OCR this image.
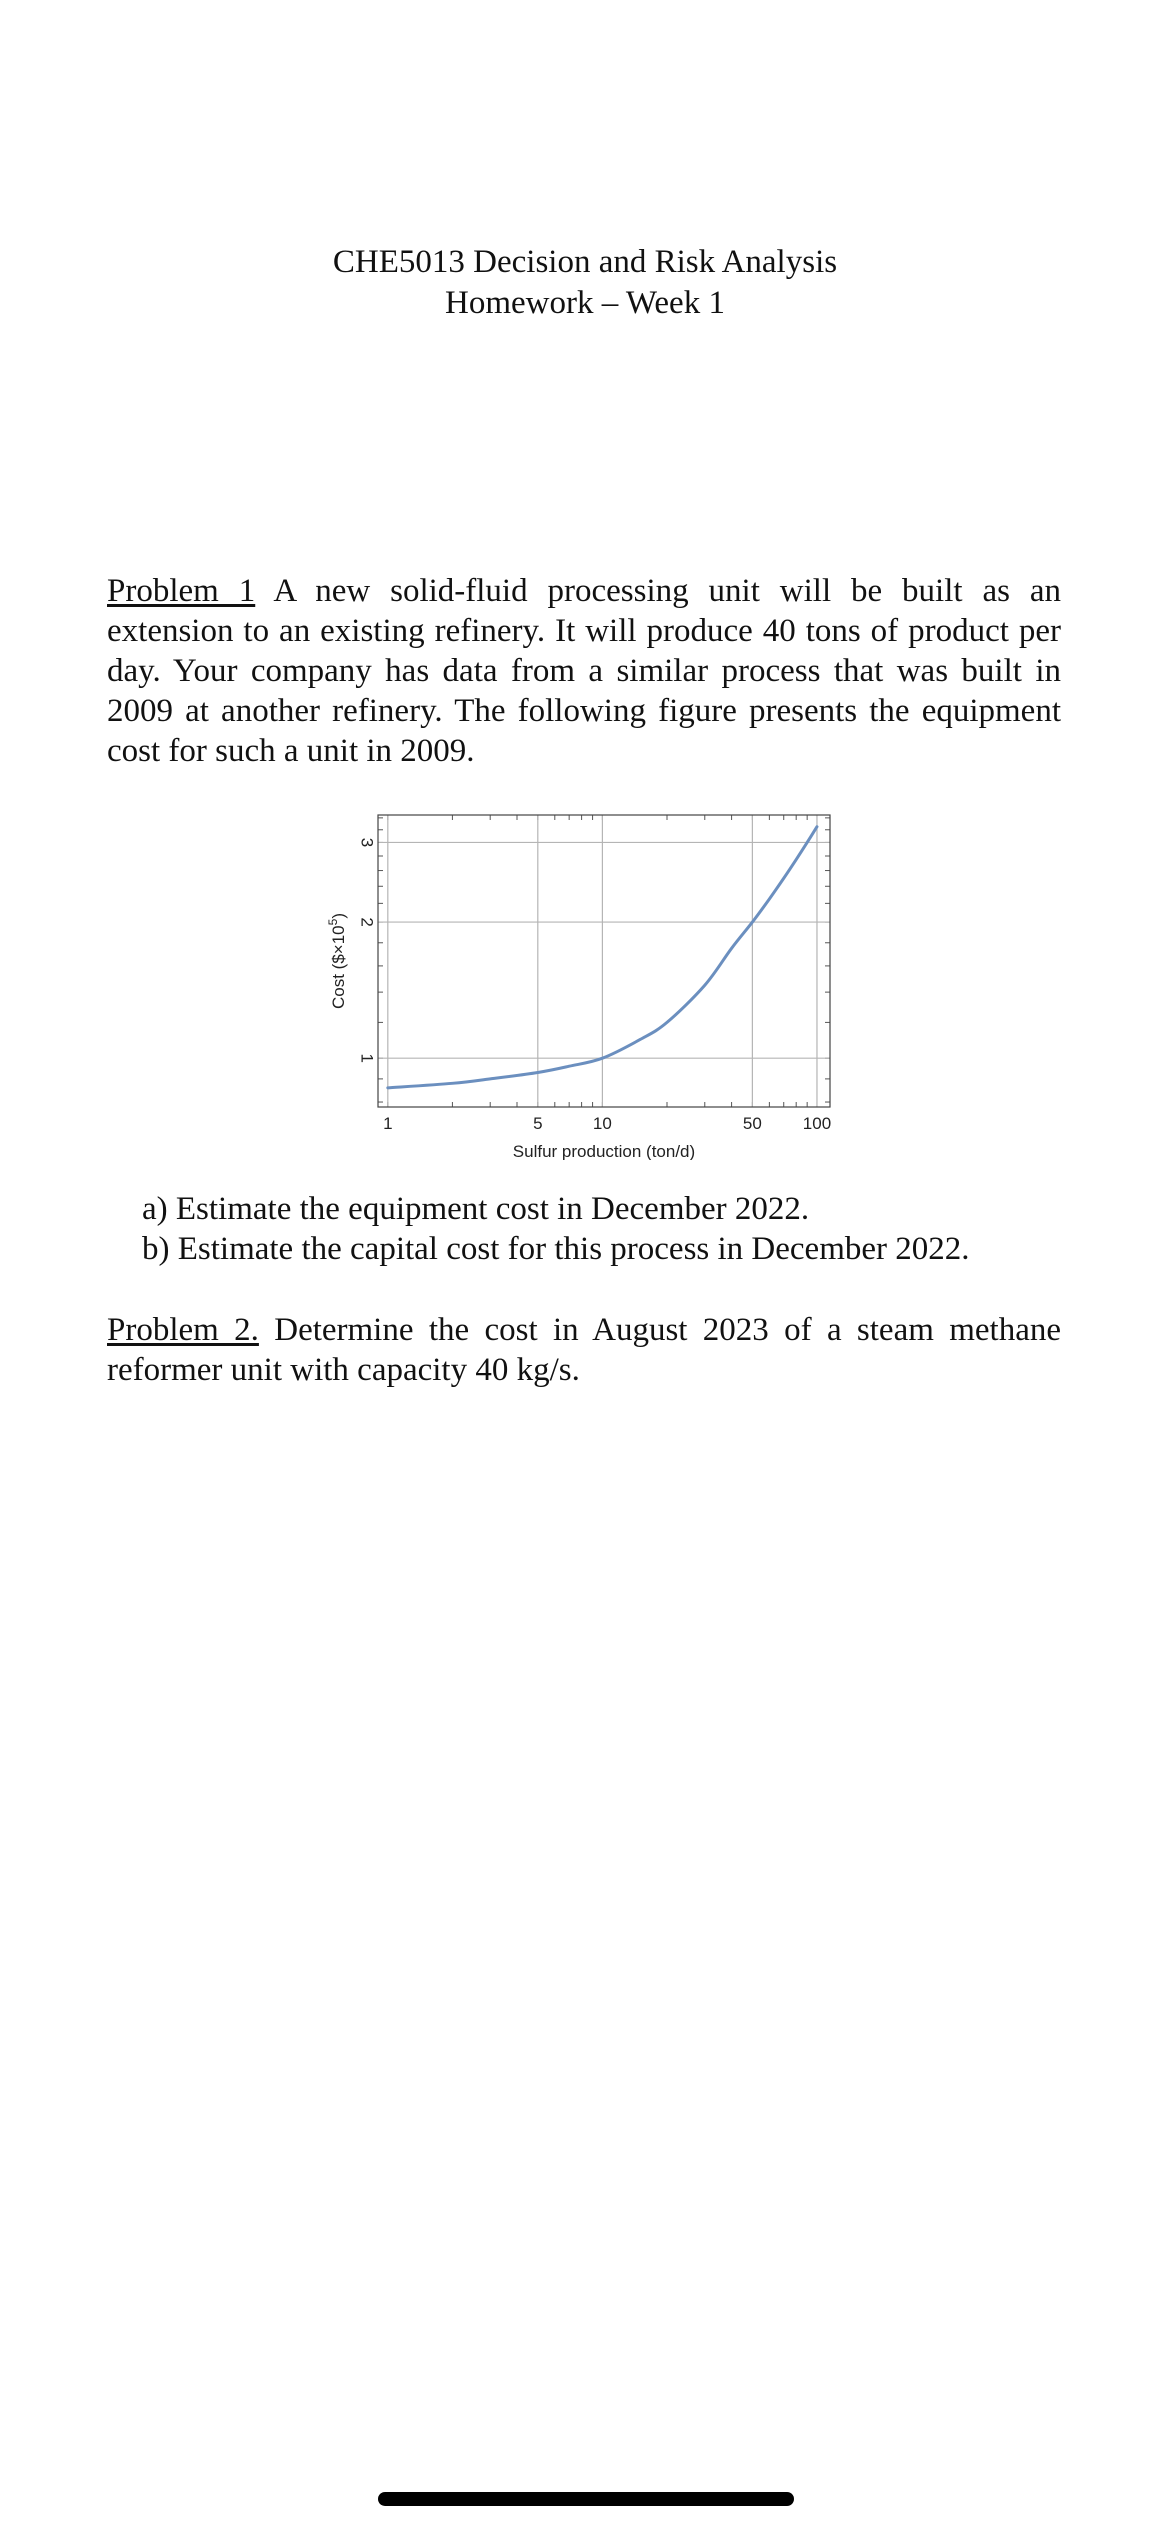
CHE5013 Decision and Risk Analysis
Homework – Week 1
Problem 1 A new solid-fluid processing unit will be built as an extension to an existing refinery. It will produce 40 tons of product per day. Your company has data from a similar process that was built in 2009 at another refinery. The following figure presents the equipment cost for such a unit in 2009.
1	5	10	50 100
1
2
3
Sulfur production (ton/d)
Cost $(\$\times 10^5)$
a) Estimate the equipment cost in December 2022.
b) Estimate the capital cost for this process in December 2022.
Problem 2. Determine the cost in August 2023 of a steam methane reformer unit with capacity 40 kg/s.
